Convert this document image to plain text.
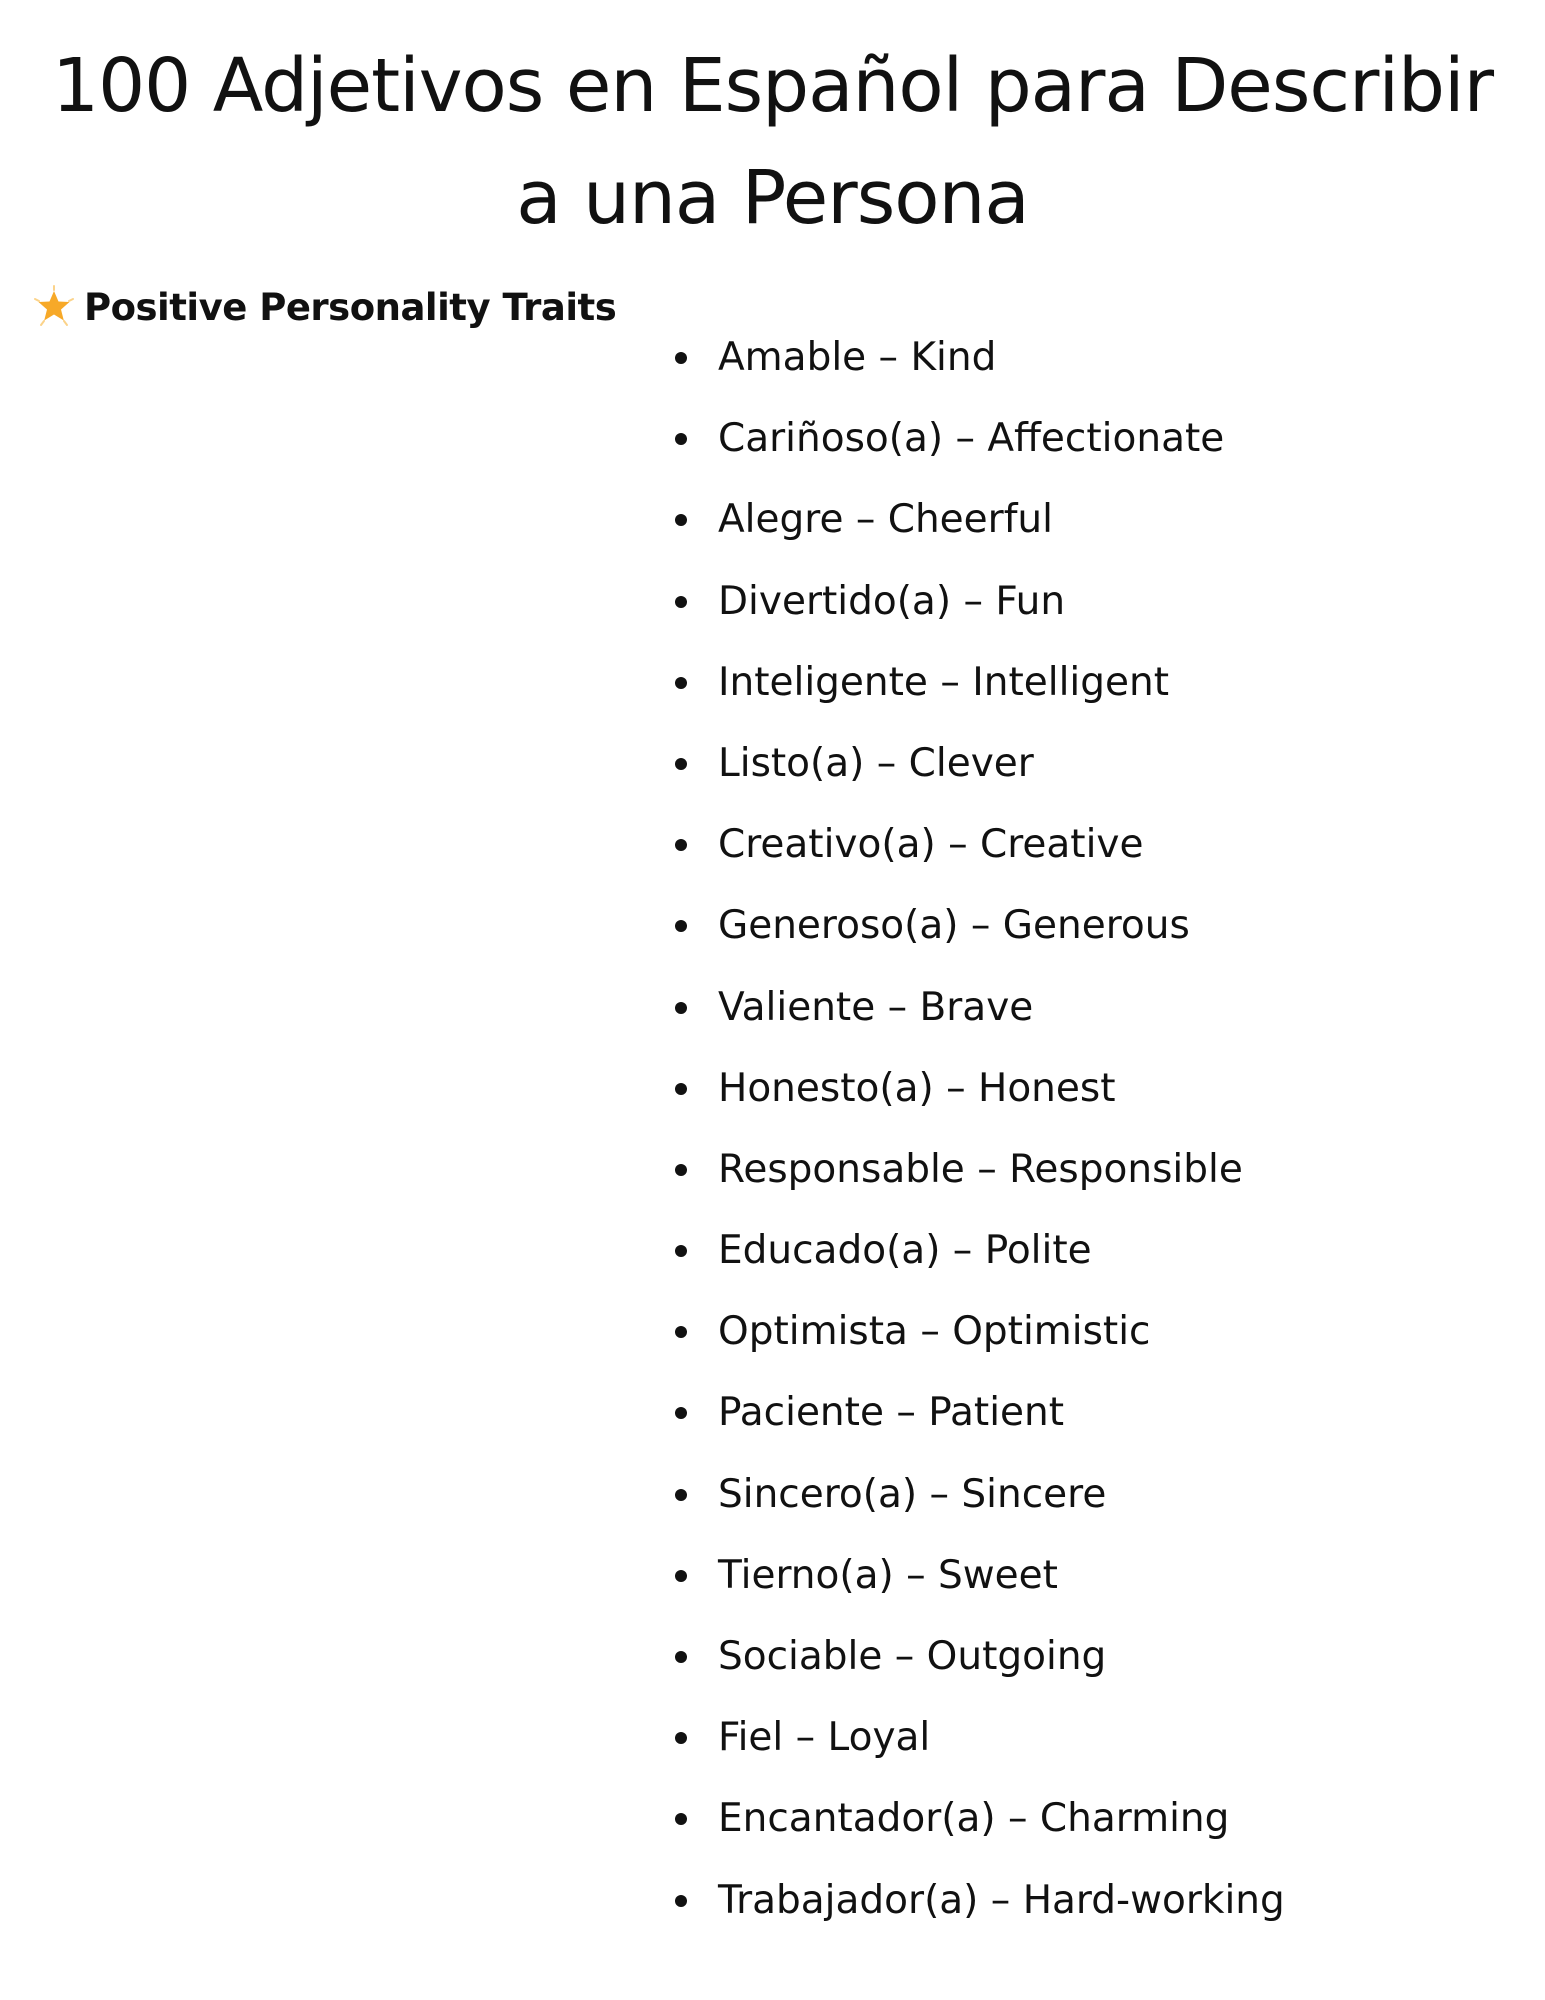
100 Adjetivos en Español para Describir
a una Persona
Positive Personality Traits
Amable – Kind
Cariñoso(a) – Affectionate
Alegre – Cheerful
Divertido(a) – Fun
Inteligente – Intelligent
Listo(a) – Clever
Creativo(a) – Creative
Generoso(a) – Generous
Valiente – Brave
Honesto(a) – Honest
Responsable – Responsible
Educado(a) – Polite
Optimista – Optimistic
Paciente – Patient
Sincero(a) – Sincere
Tierno(a) – Sweet
Sociable – Outgoing
Fiel – Loyal
Encantador(a) – Charming
Trabajador(a) – Hard-working
